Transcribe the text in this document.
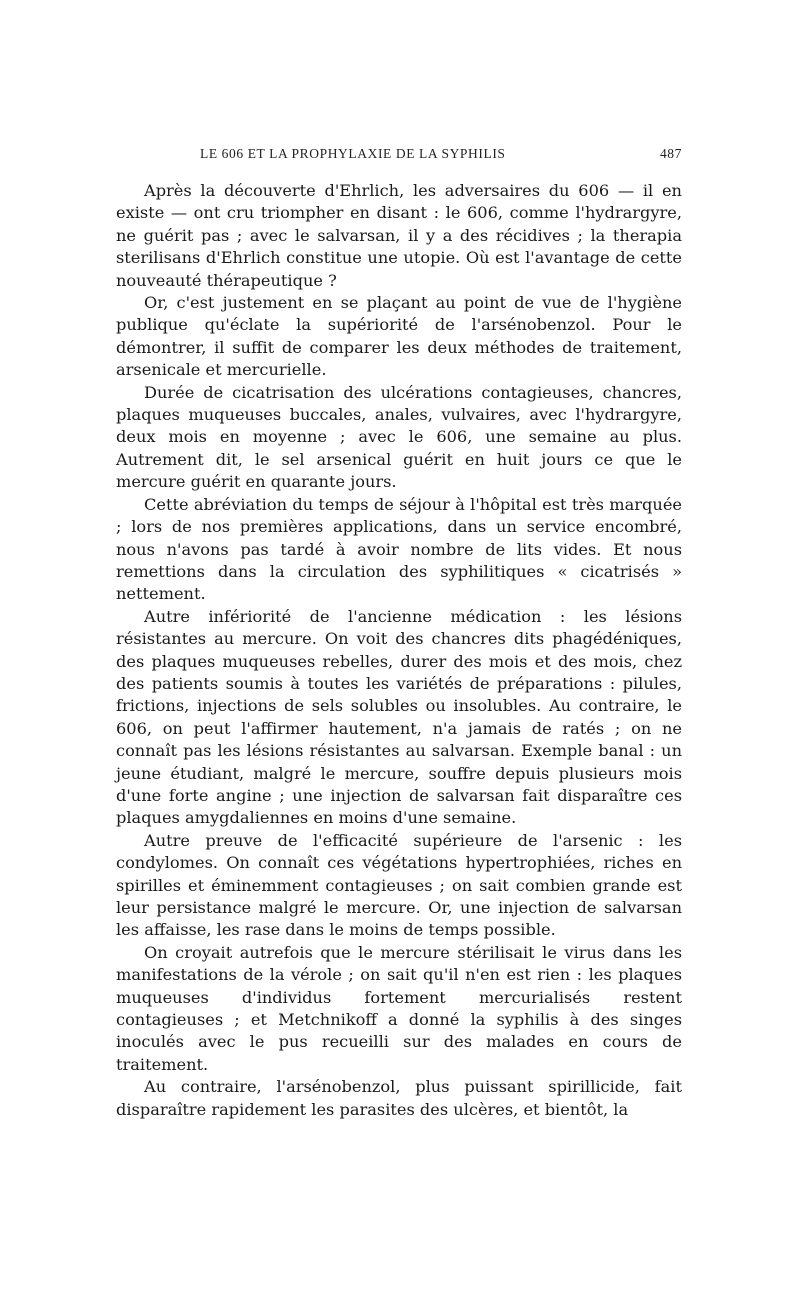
LE 606 ET LA PROPHYLAXIE DE LA SYPHILIS	487

Après la découverte d'Ehrlich, les adversaires du 606 — il en existe — ont cru triompher en disant : le 606, comme l'hydrargyre, ne guérit pas ; avec le salvarsan, il y a des récidives ; la therapia sterilisans d'Ehrlich constitue une utopie. Où est l'avantage de cette nouveauté thérapeutique ?

Or, c'est justement en se plaçant au point de vue de l'hygiène publique qu'éclate la supériorité de l'arsénobenzol. Pour le démontrer, il suffit de comparer les deux méthodes de traitement, arsenicale et mercurielle.

Durée de cicatrisation des ulcérations contagieuses, chancres, plaques muqueuses buccales, anales, vulvaires, avec l'hydrargyre, deux mois en moyenne ; avec le 606, une semaine au plus. Autrement dit, le sel arsenical guérit en huit jours ce que le mercure guérit en quarante jours.

Cette abréviation du temps de séjour à l'hôpital est très marquée ; lors de nos premières applications, dans un service encombré, nous n'avons pas tardé à avoir nombre de lits vides. Et nous remettions dans la circulation des syphilitiques « cicatrisés » nettement.

Autre infériorité de l'ancienne médication : les lésions résistantes au mercure. On voit des chancres dits phagédéniques, des plaques muqueuses rebelles, durer des mois et des mois, chez des patients soumis à toutes les variétés de préparations : pilules, frictions, injections de sels solubles ou insolubles. Au contraire, le 606, on peut l'affirmer hautement, n'a jamais de ratés ; on ne connaît pas les lésions résistantes au salvarsan. Exemple banal : un jeune étudiant, malgré le mercure, souffre depuis plusieurs mois d'une forte angine ; une injection de salvarsan fait disparaître ces plaques amygdaliennes en moins d'une semaine.

Autre preuve de l'efficacité supérieure de l'arsenic : les condylomes. On connaît ces végétations hypertrophiées, riches en spirilles et éminemment contagieuses ; on sait combien grande est leur persistance malgré le mercure. Or, une injection de salvarsan les affaisse, les rase dans le moins de temps possible.

On croyait autrefois que le mercure stérilisait le virus dans les manifestations de la vérole ; on sait qu'il n'en est rien : les plaques muqueuses d'individus fortement mercurialisés restent contagieuses ; et Metchnikoff a donné la syphilis à des singes inoculés avec le pus recueilli sur des malades en cours de traitement.

Au contraire, l'arsénobenzol, plus puissant spirillicide, fait disparaître rapidement les parasites des ulcères, et bientôt, la
